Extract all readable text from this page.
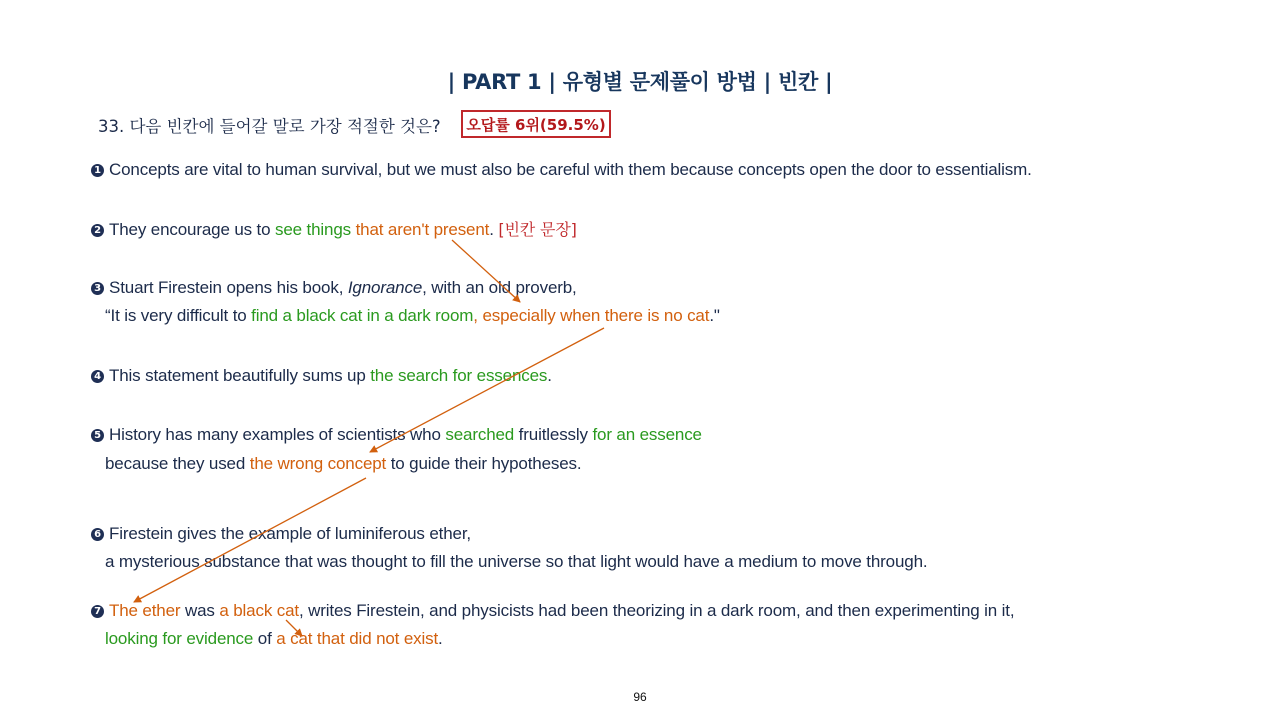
| PART 1 | 유형별 문제풀이 방법 | 빈칸 |
33. 다음 빈칸에 들어갈 말로 가장 적절한 것은?	오답률 6위(59.5%)
1 Concepts are vital to human survival, but we must also be careful with them because concepts open the door to essentialism.
2 They encourage us to see things that aren't present. [빈칸 문장]
3 Stuart Firestein opens his book, Ignorance, with an old proverb,
“It is very difficult to find a black cat in a dark room, especially when there is no cat."
4 This statement beautifully sums up the search for essences.
5 History has many examples of scientists who searched fruitlessly for an essence
because they used the wrong concept to guide their hypotheses.
6 Firestein gives the example of luminiferous ether,
a mysterious substance that was thought to fill the universe so that light would have a medium to move through.
7 The ether was a black cat, writes Firestein, and physicists had been theorizing in a dark room, and then experimenting in it,
looking for evidence of a cat that did not exist.
96
